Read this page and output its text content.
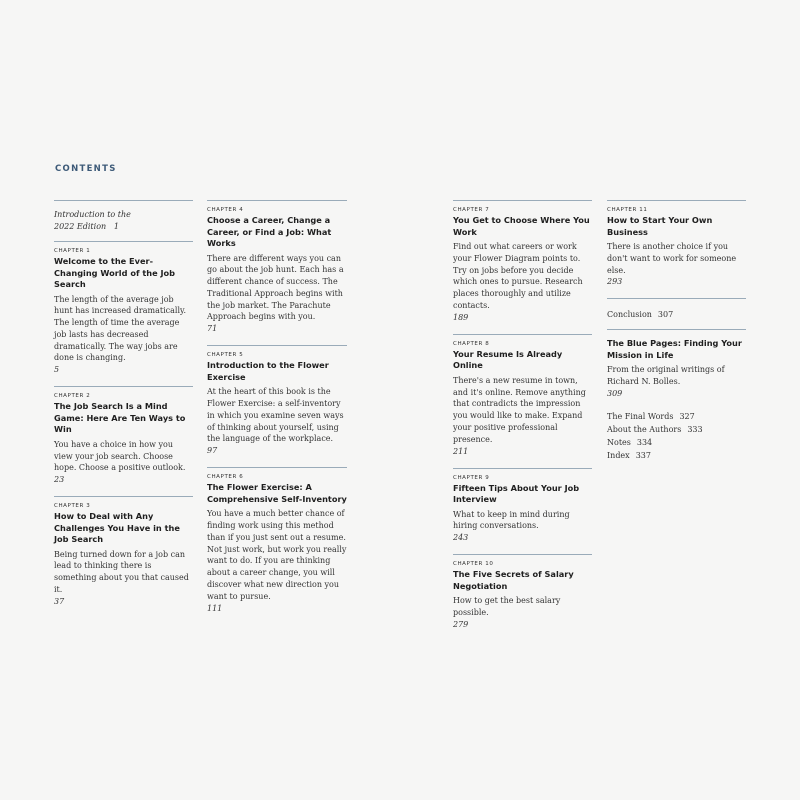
CONTENTS
Introduction to the
2022 Edition 1
CHAPTER 1
Welcome to the Ever-Changing World of the Job Search
The length of the average job hunt has increased dramatically. The length of time the average job lasts has decreased dramatically. The way jobs are done is changing.
5
CHAPTER 2
The Job Search Is a Mind Game: Here Are Ten Ways to Win
You have a choice in how you view your job search. Choose hope. Choose a positive outlook.
23
CHAPTER 3
How to Deal with Any Challenges You Have in the Job Search
Being turned down for a job can lead to thinking there is something about you that caused it.
37
CHAPTER 4
Choose a Career, Change a Career, or Find a Job: What Works
There are different ways you can go about the job hunt. Each has a different chance of success. The Traditional Approach begins with the job market. The Parachute Approach begins with you.
71
CHAPTER 5
Introduction to the Flower Exercise
At the heart of this book is the Flower Exercise: a self-inventory in which you examine seven ways of thinking about yourself, using the language of the workplace.
97
CHAPTER 6
The Flower Exercise: A Comprehensive Self-Inventory
You have a much better chance of finding work using this method than if you just sent out a resume. Not just work, but work you really want to do. If you are thinking about a career change, you will discover what new direction you want to pursue.
111
CHAPTER 7
You Get to Choose Where You Work
Find out what careers or work your Flower Diagram points to. Try on jobs before you decide which ones to pursue. Research places thoroughly and utilize contacts.
189
CHAPTER 8
Your Resume Is Already Online
There's a new resume in town, and it's online. Remove anything that contradicts the impression you would like to make. Expand your positive professional presence.
211
CHAPTER 9
Fifteen Tips About Your Job Interview
What to keep in mind during hiring conversations.
243
CHAPTER 10
The Five Secrets of Salary Negotiation
How to get the best salary possible.
279
CHAPTER 11
How to Start Your Own Business
There is another choice if you don't want to work for someone else.
293
Conclusion 307
The Blue Pages: Finding Your Mission in Life
From the original writings of Richard N. Bolles.
309
The Final Words 327
About the Authors 333
Notes 334
Index 337
